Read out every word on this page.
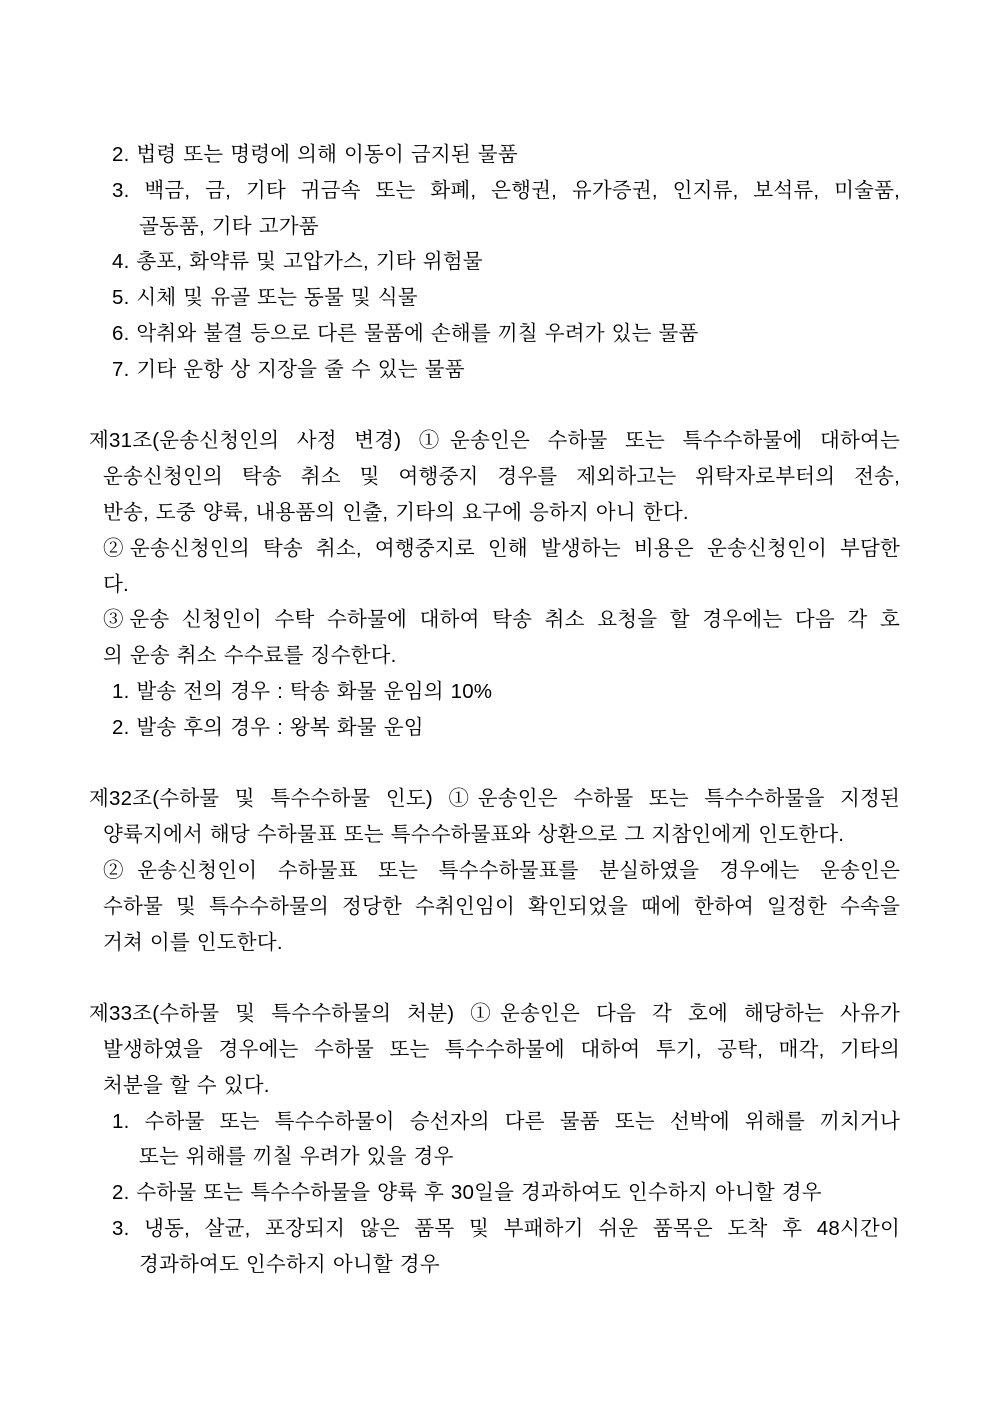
2. 법령 또는 명령에 의해 이동이 금지된 물품
3. 백금, 금, 기타 귀금속 또는 화폐, 은행권, 유가증권, 인지류, 보석류, 미술품,
골동품, 기타 고가품
4. 총포, 화약류 및 고압가스, 기타 위험물
5. 시체 및 유골 또는 동물 및 식물
6. 악취와 불결 등으로 다른 물품에 손해를 끼칠 우려가 있는 물품
7. 기타 운항 상 지장을 줄 수 있는 물품

제31조(운송신청인의 사정 변경) ①운송인은 수하물 또는 특수수하물에 대하여는
운송신청인의 탁송 취소 및 여행중지 경우를 제외하고는 위탁자로부터의 전송,
반송, 도중 양륙, 내용품의 인출, 기타의 요구에 응하지 아니 한다.
②운송신청인의 탁송 취소, 여행중지로 인해 발생하는 비용은 운송신청인이 부담한
다.
③운송 신청인이 수탁 수하물에 대하여 탁송 취소 요청을 할 경우에는 다음 각 호
의 운송 취소 수수료를 징수한다.
1. 발송 전의 경우 : 탁송 화물 운임의 10%
2. 발송 후의 경우 : 왕복 화물 운임

제32조(수하물 및 특수수하물 인도) ①운송인은 수하물 또는 특수수하물을 지정된
양륙지에서 해당 수하물표 또는 특수수하물표와 상환으로 그 지참인에게 인도한다.
②운송신청인이 수하물표 또는 특수수하물표를 분실하였을 경우에는 운송인은
수하물 및 특수수하물의 정당한 수취인임이 확인되었을 때에 한하여 일정한 수속을
거쳐 이를 인도한다.

제33조(수하물 및 특수수하물의 처분) ①운송인은 다음 각 호에 해당하는 사유가
발생하였을 경우에는 수하물 또는 특수수하물에 대하여 투기, 공탁, 매각, 기타의
처분을 할 수 있다.
1. 수하물 또는 특수수하물이 승선자의 다른 물품 또는 선박에 위해를 끼치거나
또는 위해를 끼칠 우려가 있을 경우
2. 수하물 또는 특수수하물을 양륙 후 30일을 경과하여도 인수하지 아니할 경우
3. 냉동, 살균, 포장되지 않은 품목 및 부패하기 쉬운 품목은 도착 후 48시간이
경과하여도 인수하지 아니할 경우
